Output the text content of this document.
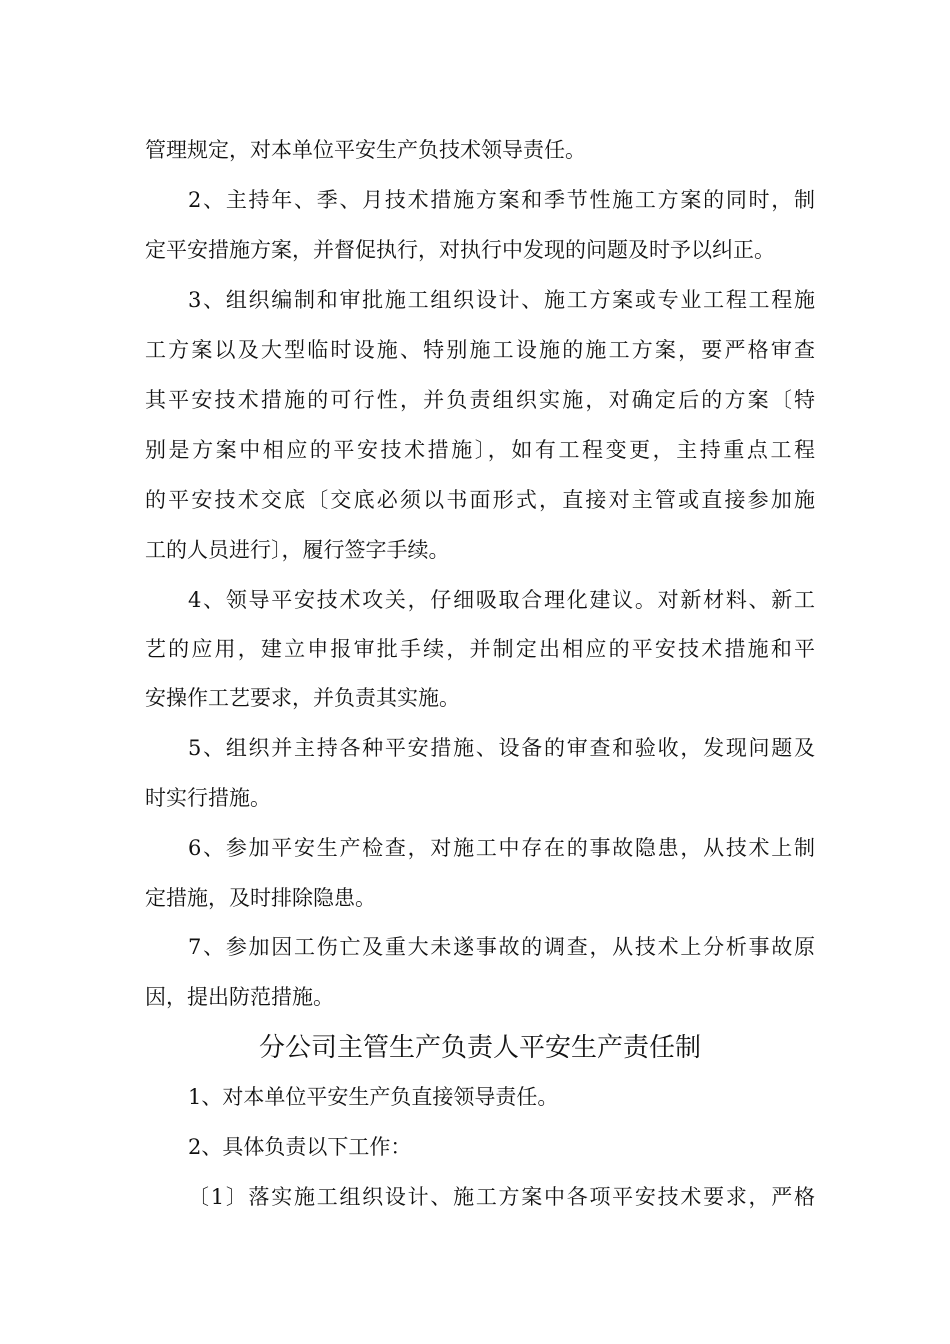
管理规定，对本单位平安生产负技术领导责任。
2、主持年、季、月技术措施方案和季节性施工方案的同时，制
定平安措施方案，并督促执行，对执行中发现的问题及时予以纠正。
3、组织编制和审批施工组织设计、施工方案或专业工程工程施
工方案以及大型临时设施、特别施工设施的施工方案，要严格审查
其平安技术措施的可行性，并负责组织实施，对确定后的方案〔特
别是方案中相应的平安技术措施〕，如有工程变更，主持重点工程
的平安技术交底〔交底必须以书面形式，直接对主管或直接参加施
工的人员进行〕，履行签字手续。
4、领导平安技术攻关，仔细吸取合理化建议。对新材料、新工
艺的应用，建立申报审批手续，并制定出相应的平安技术措施和平
安操作工艺要求，并负责其实施。
5、组织并主持各种平安措施、设备的审查和验收，发现问题及
时实行措施。
6、参加平安生产检查，对施工中存在的事故隐患，从技术上制
定措施，及时排除隐患。
7、参加因工伤亡及重大未遂事故的调查，从技术上分析事故原
因，提出防范措施。
分公司主管生产负责人平安生产责任制
1、对本单位平安生产负直接领导责任。
2、具体负责以下工作：
〔1〕落实施工组织设计、施工方案中各项平安技术要求，严格
